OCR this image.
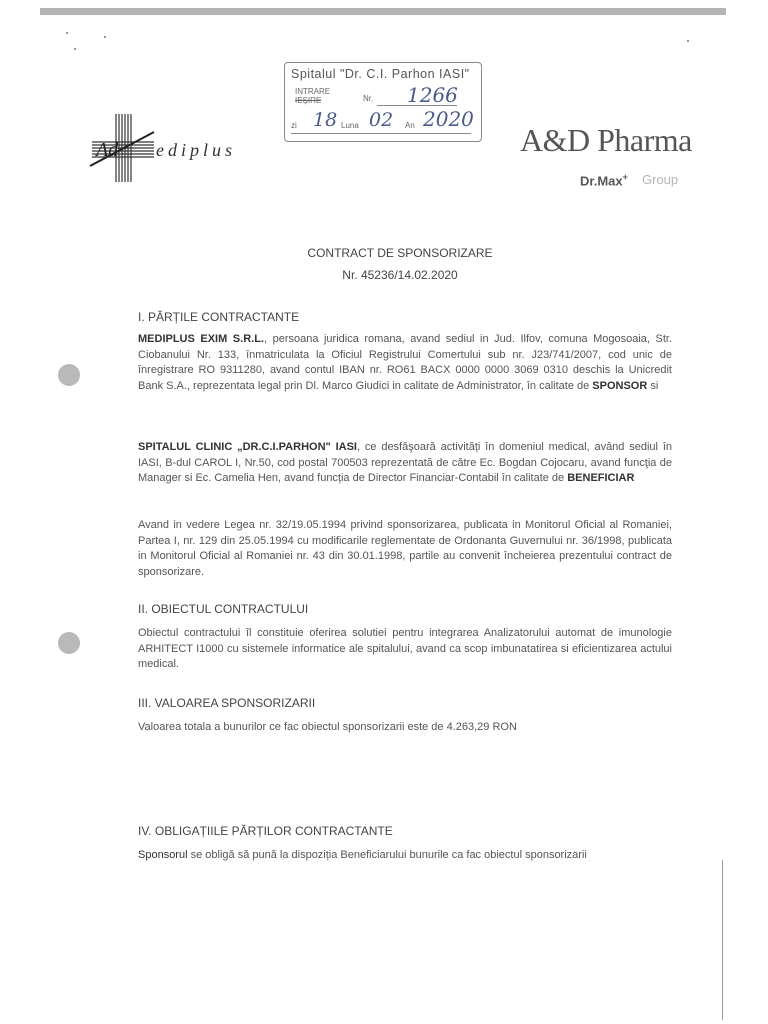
Ad ediplus
Spitalul "Dr. C.I. Parhon IASI"
INTRARE
IEȘIRE	Nr. 1266
zi 18 Luna 02 An 2020
A&D Pharma
Dr.Max+ Group
CONTRACT DE SPONSORIZARE
Nr. 45236/14.02.2020
I. PĂRȚILE CONTRACTANTE
MEDIPLUS EXIM S.R.L., persoana juridica romana, avand sediul in Jud. Ilfov, comuna Mogosoaia, Str. Ciobanului Nr. 133, înmatriculata la Oficiul Registrului Comertului sub nr. J23/741/2007, cod unic de înregistrare RO 9311280, avand contul IBAN nr. RO61 BACX 0000 0000 3069 0310 deschis la Unicredit Bank S.A., reprezentata legal prin Dl. Marco Giudici in calitate de Administrator, în calitate de SPONSOR si
SPITALUL CLINIC „DR.C.I.PARHON" IASI, ce desfăşoară activități în domeniul medical, având sediul în IASI, B-dul CAROL I, Nr.50, cod postal 700503 reprezentată de către Ec. Bogdan Cojocaru, avand funcţia de Manager si Ec. Camelia Hen, avand funcția de Director Financiar-Contabil în calitate de BENEFICIAR
Avand in vedere Legea nr. 32/19.05.1994 privind sponsorizarea, publicata in Monitorul Oficial al Romaniei, Partea I, nr. 129 din 25.05.1994 cu modificarile reglementate de Ordonanta Guvernului nr. 36/1998, publicata in Monitorul Oficial al Romaniei nr. 43 din 30.01.1998, partile au convenit încheierea prezentului contract de sponsorizare.
II. OBIECTUL CONTRACTULUI
Obiectul contractului îl constituie oferirea solutiei pentru integrarea Analizatorului automat de imunologie ARHITECT I1000 cu sistemele informatice ale spitalului, avand ca scop imbunatatirea si eficientizarea actului medical.
III. VALOAREA SPONSORIZARII
Valoarea totala a bunurilor ce fac obiectul sponsorizarii este de 4.263,29 RON
IV. OBLIGAȚIILE PĂRȚILOR CONTRACTANTE
Sponsorul se obligă să pună la dispoziția Beneficiarului bunurile ca fac obiectul sponsorizarii
